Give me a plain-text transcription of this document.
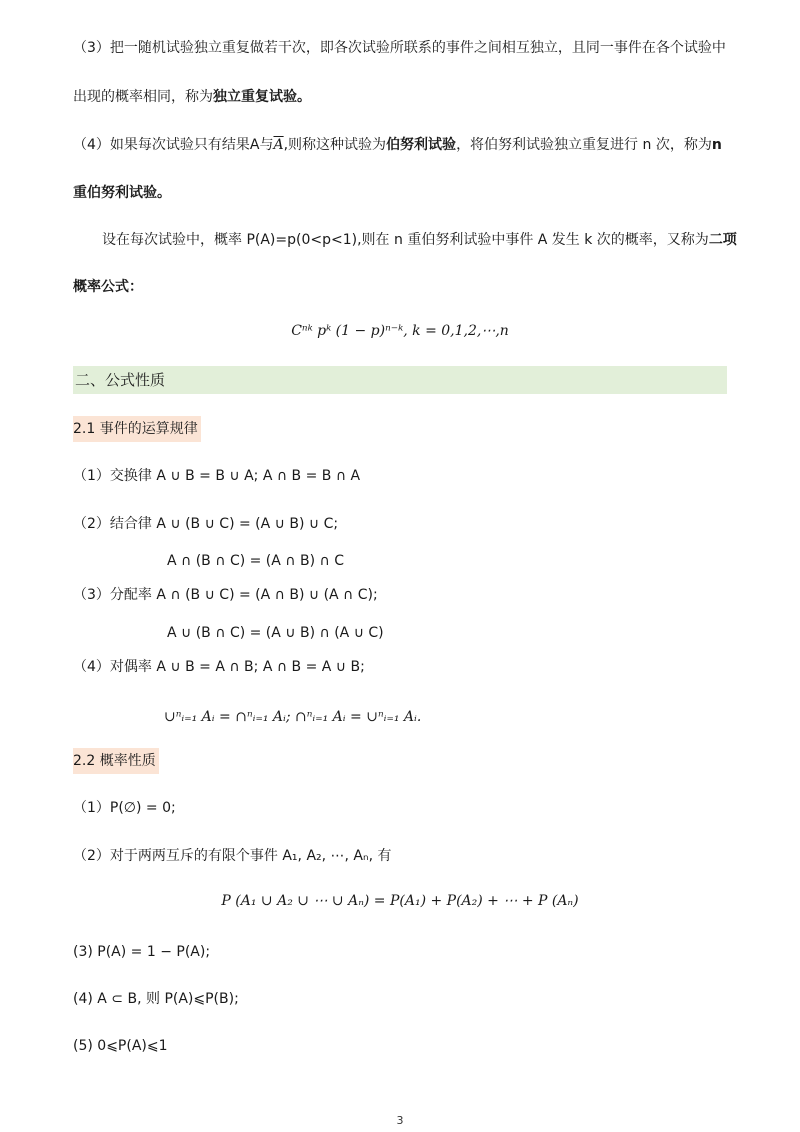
（3）把一随机试验独立重复做若干次，即各次试验所联系的事件之间相互独立，且同一事件在各个试验中
出现的概率相同，称为独立重复试验。
（4）如果每次试验只有结果A与$\overline{A}$,则称这种试验为伯努利试验，将伯努利试验独立重复进行 n 次，称为n
重伯努利试验。
设在每次试验中，概率 P(A)=p(0<p<1),则在 n 重伯努利试验中事件 A 发生 k 次的概率，又称为二项
概率公式：
Cⁿᵏ pᵏ (1 − p)ⁿ⁻ᵏ, k = 0,1,2,⋯,n
二、公式性质
2.1 事件的运算规律
（1）交换律 A ∪ B = B ∪ A; A ∩ B = B ∩ A
（2）结合律 A ∪ (B ∪ C) = (A ∪ B) ∪ C;
A ∩ (B ∩ C) = (A ∩ B) ∩ C
（3）分配率 A ∩ (B ∪ C) = (A ∩ B) ∪ (A ∩ C);
A ∪ (B ∩ C) = (A ∪ B) ∩ (A ∪ C)
（4）对偶率 A ∪ B = A ∩ B; A ∩ B = A ∪ B;
∪ⁿᵢ₌₁ Aᵢ = ∩ⁿᵢ₌₁ Aᵢ; ∩ⁿᵢ₌₁ Aᵢ = ∪ⁿᵢ₌₁ Aᵢ.
2.2 概率性质
（1）P(∅) = 0;
（2）对于两两互斥的有限个事件 A₁, A₂, ⋯, Aₙ, 有
P (A₁ ∪ A₂ ∪ ⋯ ∪ Aₙ) = P(A₁) + P(A₂) + ⋯ + P (Aₙ)
(3) P(A) = 1 − P(A);
(4) A ⊂ B, 则 P(A)⩽P(B);
(5) 0⩽P(A)⩽1
3
